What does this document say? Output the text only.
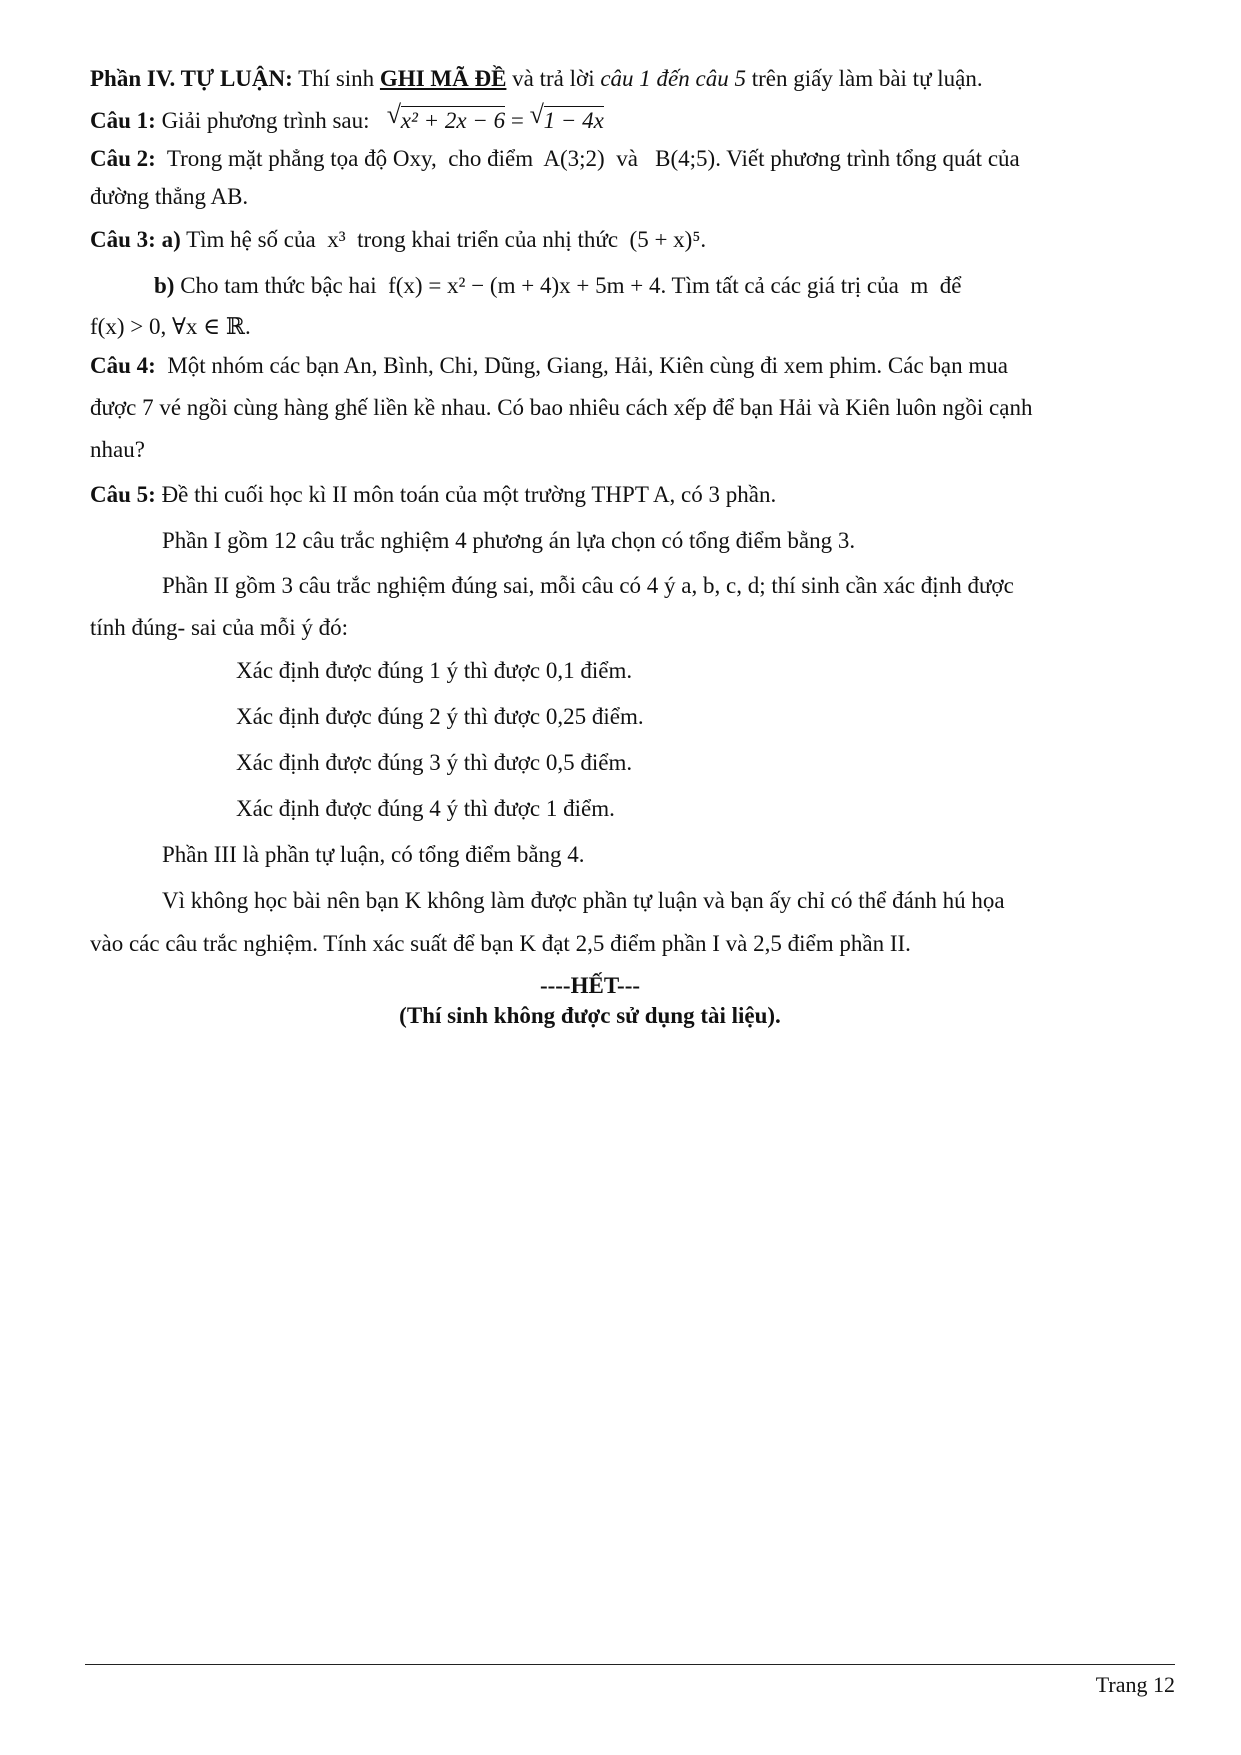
Phần IV. TỰ LUẬN: Thí sinh GHI MÃ ĐỀ và trả lời câu 1 đến câu 5 trên giấy làm bài tự luận.

Câu 1: Giải phương trình sau: √ x² + 2x − 6 = √ 1 − 4x

Câu 2:  Trong mặt phẳng tọa độ Oxy,  cho điểm  A(3;2)  và   B(4;5). Viết phương trình tổng quát của

đường thẳng AB.

Câu 3: a) Tìm hệ số của  x³  trong khai triển của nhị thức  (5 + x)⁵.

b) Cho tam thức bậc hai  f(x) = x² − (m + 4)x + 5m + 4. Tìm tất cả các giá trị của  m  để

f(x) > 0, ∀x ∈ ℝ.

Câu 4:  Một nhóm các bạn An, Bình, Chi, Dũng, Giang, Hải, Kiên cùng đi xem phim. Các bạn mua

được 7 vé ngồi cùng hàng ghế liền kề nhau. Có bao nhiêu cách xếp để bạn Hải và Kiên luôn ngồi cạnh

nhau?

Câu 5: Đề thi cuối học kì II môn toán của một trường THPT A, có 3 phần.

Phần I gồm 12 câu trắc nghiệm 4 phương án lựa chọn có tổng điểm bằng 3.

Phần II gồm 3 câu trắc nghiệm đúng sai, mỗi câu có 4 ý a, b, c, d; thí sinh cần xác định được

tính đúng- sai của mỗi ý đó:

Xác định được đúng 1 ý thì được 0,1 điểm.

Xác định được đúng 2 ý thì được 0,25 điểm.

Xác định được đúng 3 ý thì được 0,5 điểm.

Xác định được đúng 4 ý thì được 1 điểm.

Phần III là phần tự luận, có tổng điểm bằng 4.

Vì không học bài nên bạn K không làm được phần tự luận và bạn ấy chỉ có thể đánh hú họa

vào các câu trắc nghiệm. Tính xác suất để bạn K đạt 2,5 điểm phần I và 2,5 điểm phần II.

----HẾT---

(Thí sinh không được sử dụng tài liệu).

Trang 12
